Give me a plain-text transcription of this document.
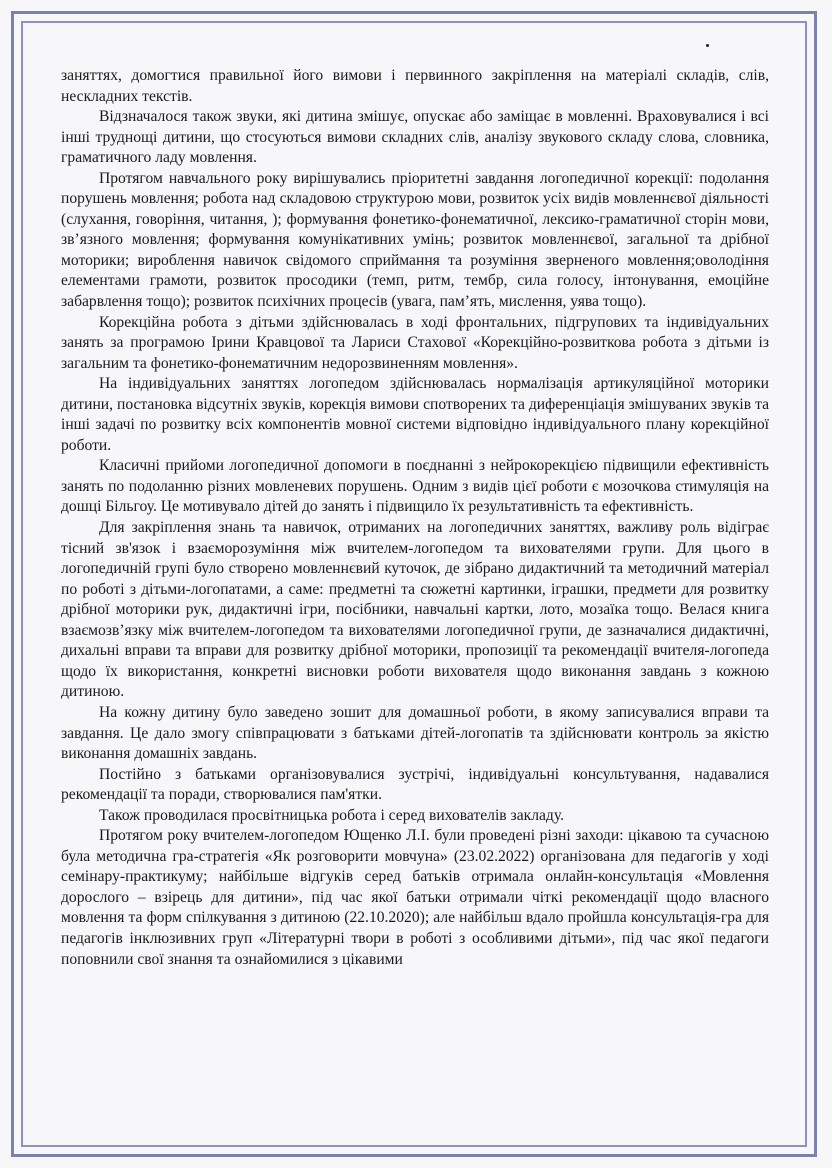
заняттях, домогтися правильної його вимови і первинного закріплення на матеріалі складів, слів, нескладних текстів.

Відзначалося також звуки, які дитина змішує, опускає або заміщає в мовленні. Враховувалися і всі інші труднощі дитини, що стосуються вимови складних слів, аналізу звукового складу слова, словника, граматичного ладу мовлення.

Протягом навчального року вирішувались пріоритетні завдання логопедичної корекції: подолання порушень мовлення; робота над складовою структурою мови, розвиток усіх видів мовленнєвої діяльності (слухання, говоріння, читання, ); формування фонетико-фонематичної, лексико-граматичної сторін мови, зв’язного мовлення; формування комунікативних умінь; розвиток мовленнєвої, загальної та дрібної моторики; вироблення навичок свідомого сприймання та розуміння зверненого мовлення;оволодіння елементами грамоти, розвиток просодики (темп, ритм, тембр, сила голосу, інтонування, емоційне забарвлення тощо); розвиток психічних процесів (увага, пам’ять, мислення, уява тощо).

Корекційна робота з дітьми здійснювалась в ході фронтальних, підгрупових та індивідуальних занять за програмою Ірини Кравцової та Лариси Стахової «Корекційно-розвиткова робота з дітьми із загальним та фонетико-фонематичним недорозвиненням мовлення».

На індивідуальних заняттях логопедом здійснювалась нормалізація артикуляційної моторики дитини, постановка відсутніх звуків, корекція вимови спотворених та диференціація змішуваних звуків та інші задачі по розвитку всіх компонентів мовної системи відповідно індивідуального плану корекційної роботи.

Класичні прийоми логопедичної допомоги в поєднанні з нейрокорекцією підвищили ефективність занять по подоланню різних мовленевих порушень. Одним з видів цієї роботи є мозочкова стимуляція на дошці Більгоу. Це мотивувало дітей до занять і підвищило їх результативність та ефективність.

Для закріплення знань та навичок, отриманих на логопедичних заняттях, важливу роль відіграє тісний зв'язок і взаєморозуміння між вчителем-логопедом та вихователями групи. Для цього в логопедичній групі було створено мовленнєвий куточок, де зібрано дидактичний та методичний матеріал по роботі з дітьми-логопатами, а саме: предметні та сюжетні картинки, іграшки, предмети для розвитку дрібної моторики рук, дидактичні ігри, посібники, навчальні картки, лото, мозаїка тощо. Велася книга взаємозв’язку між вчителем-логопедом та вихователями логопедичної групи, де зазначалися дидактичні, дихальні вправи та вправи для розвитку дрібної моторики, пропозиції та рекомендації вчителя-логопеда щодо їх використання, конкретні висновки роботи вихователя щодо виконання завдань з кожною дитиною.

На кожну дитину було заведено зошит для домашньої роботи, в якому записувалися вправи та завдання. Це дало змогу співпрацювати з батьками дітей-логопатів та здійснювати контроль за якістю виконання домашніх завдань.

Постійно з батьками організовувалися зустрічі, індивідуальні консультування, надавалися рекомендації та поради, створювалися пам'ятки.

Також проводилася просвітницька робота і серед вихователів закладу.

Протягом року вчителем-логопедом Ющенко Л.І. були проведені різні заходи: цікавою та сучасною була методична гра-стратегія «Як розговорити мовчуна» (23.02.2022) організована для педагогів у ході семінару-практикуму; найбільше відгуків серед батьків отримала онлайн-консультація «Мовлення дорослого – взірець для дитини», під час якої батьки отримали чіткі рекомендації щодо власного мовлення та форм спілкування з дитиною (22.10.2020); але найбільш вдало пройшла консультація-гра для педагогів інклюзивних груп «Літературні твори в роботі з особливими дітьми», під час якої педагоги поповнили свої знання та ознайомилися з цікавими
